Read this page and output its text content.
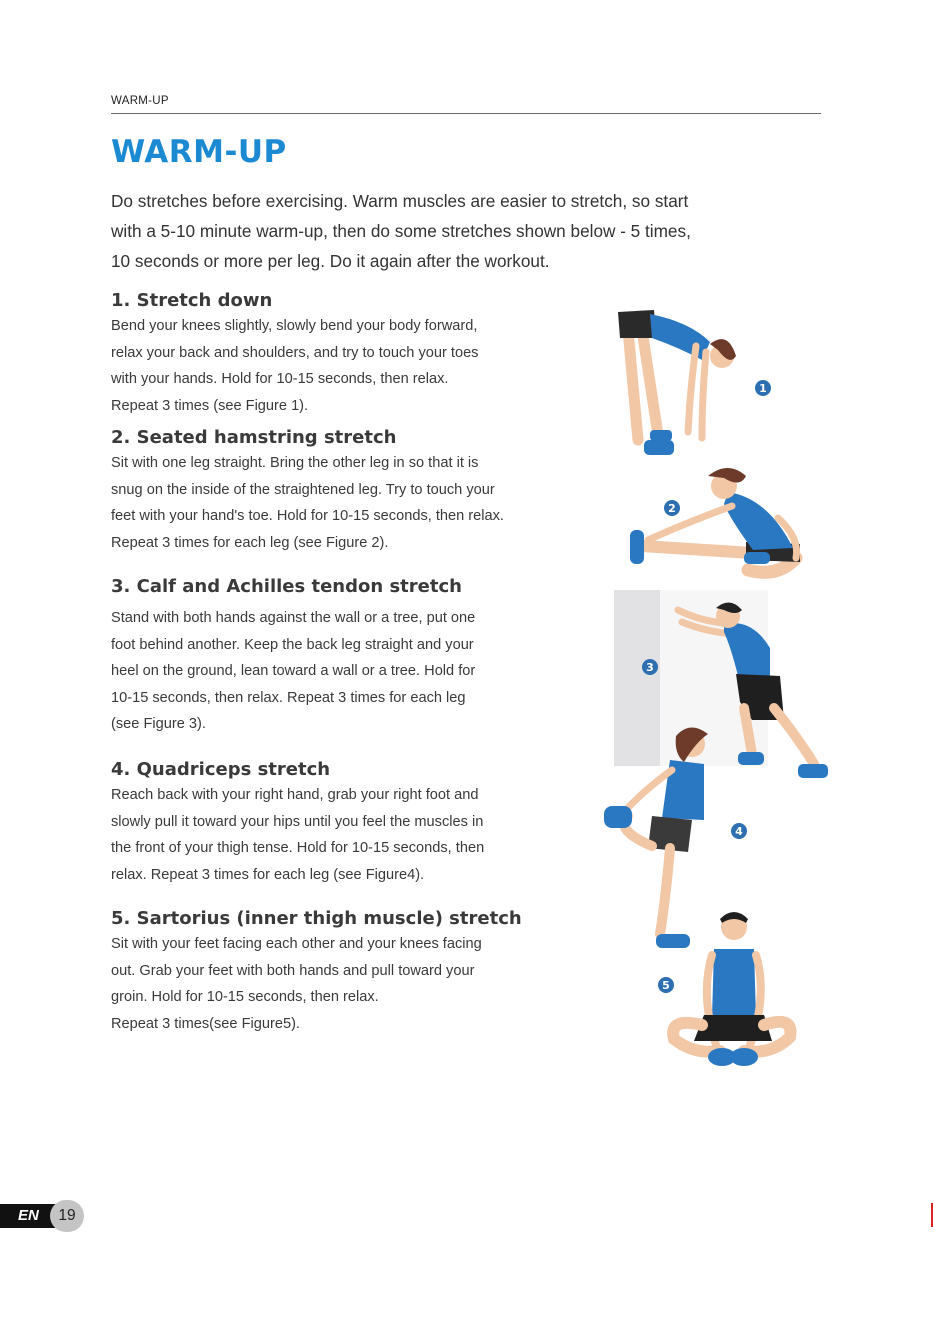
WARM-UP
WARM-UP

Do stretches before exercising. Warm muscles are easier to stretch, so start
with a 5-10 minute warm-up, then do some stretches shown below - 5 times,
10 seconds or more per leg. Do it again after the workout.

1. Stretch down

Bend your knees slightly, slowly bend your body forward,
relax your back and shoulders, and try to touch your toes
with your hands. Hold for 10-15 seconds, then relax.
Repeat 3 times (see Figure 1).

2. Seated hamstring stretch

Sit with one leg straight. Bring the other leg in so that it is
snug on the inside of the straightened leg. Try to touch your
feet with your hand's toe. Hold for 10-15 seconds, then relax.
Repeat 3 times for each leg (see Figure 2).

3. Calf and Achilles tendon stretch

Stand with both hands against the wall or a tree, put one
foot behind another. Keep the back leg straight and your
heel on the ground, lean toward a wall or a tree. Hold for
10-15 seconds, then relax. Repeat 3 times for each leg
(see Figure 3).

4. Quadriceps stretch

Reach back with your right hand, grab your right foot and
slowly pull it toward your hips until you feel the muscles in
the front of your thigh tense. Hold for 10-15 seconds, then
relax. Repeat 3 times for each leg (see Figure4).

5. Sartorius (inner thigh muscle) stretch

Sit with your feet facing each other and your knees facing
out. Grab your feet with both hands and pull toward your
groin. Hold for 10-15 seconds, then relax.
Repeat 3 times(see Figure5).

1
2
3
4
5
EN	19
